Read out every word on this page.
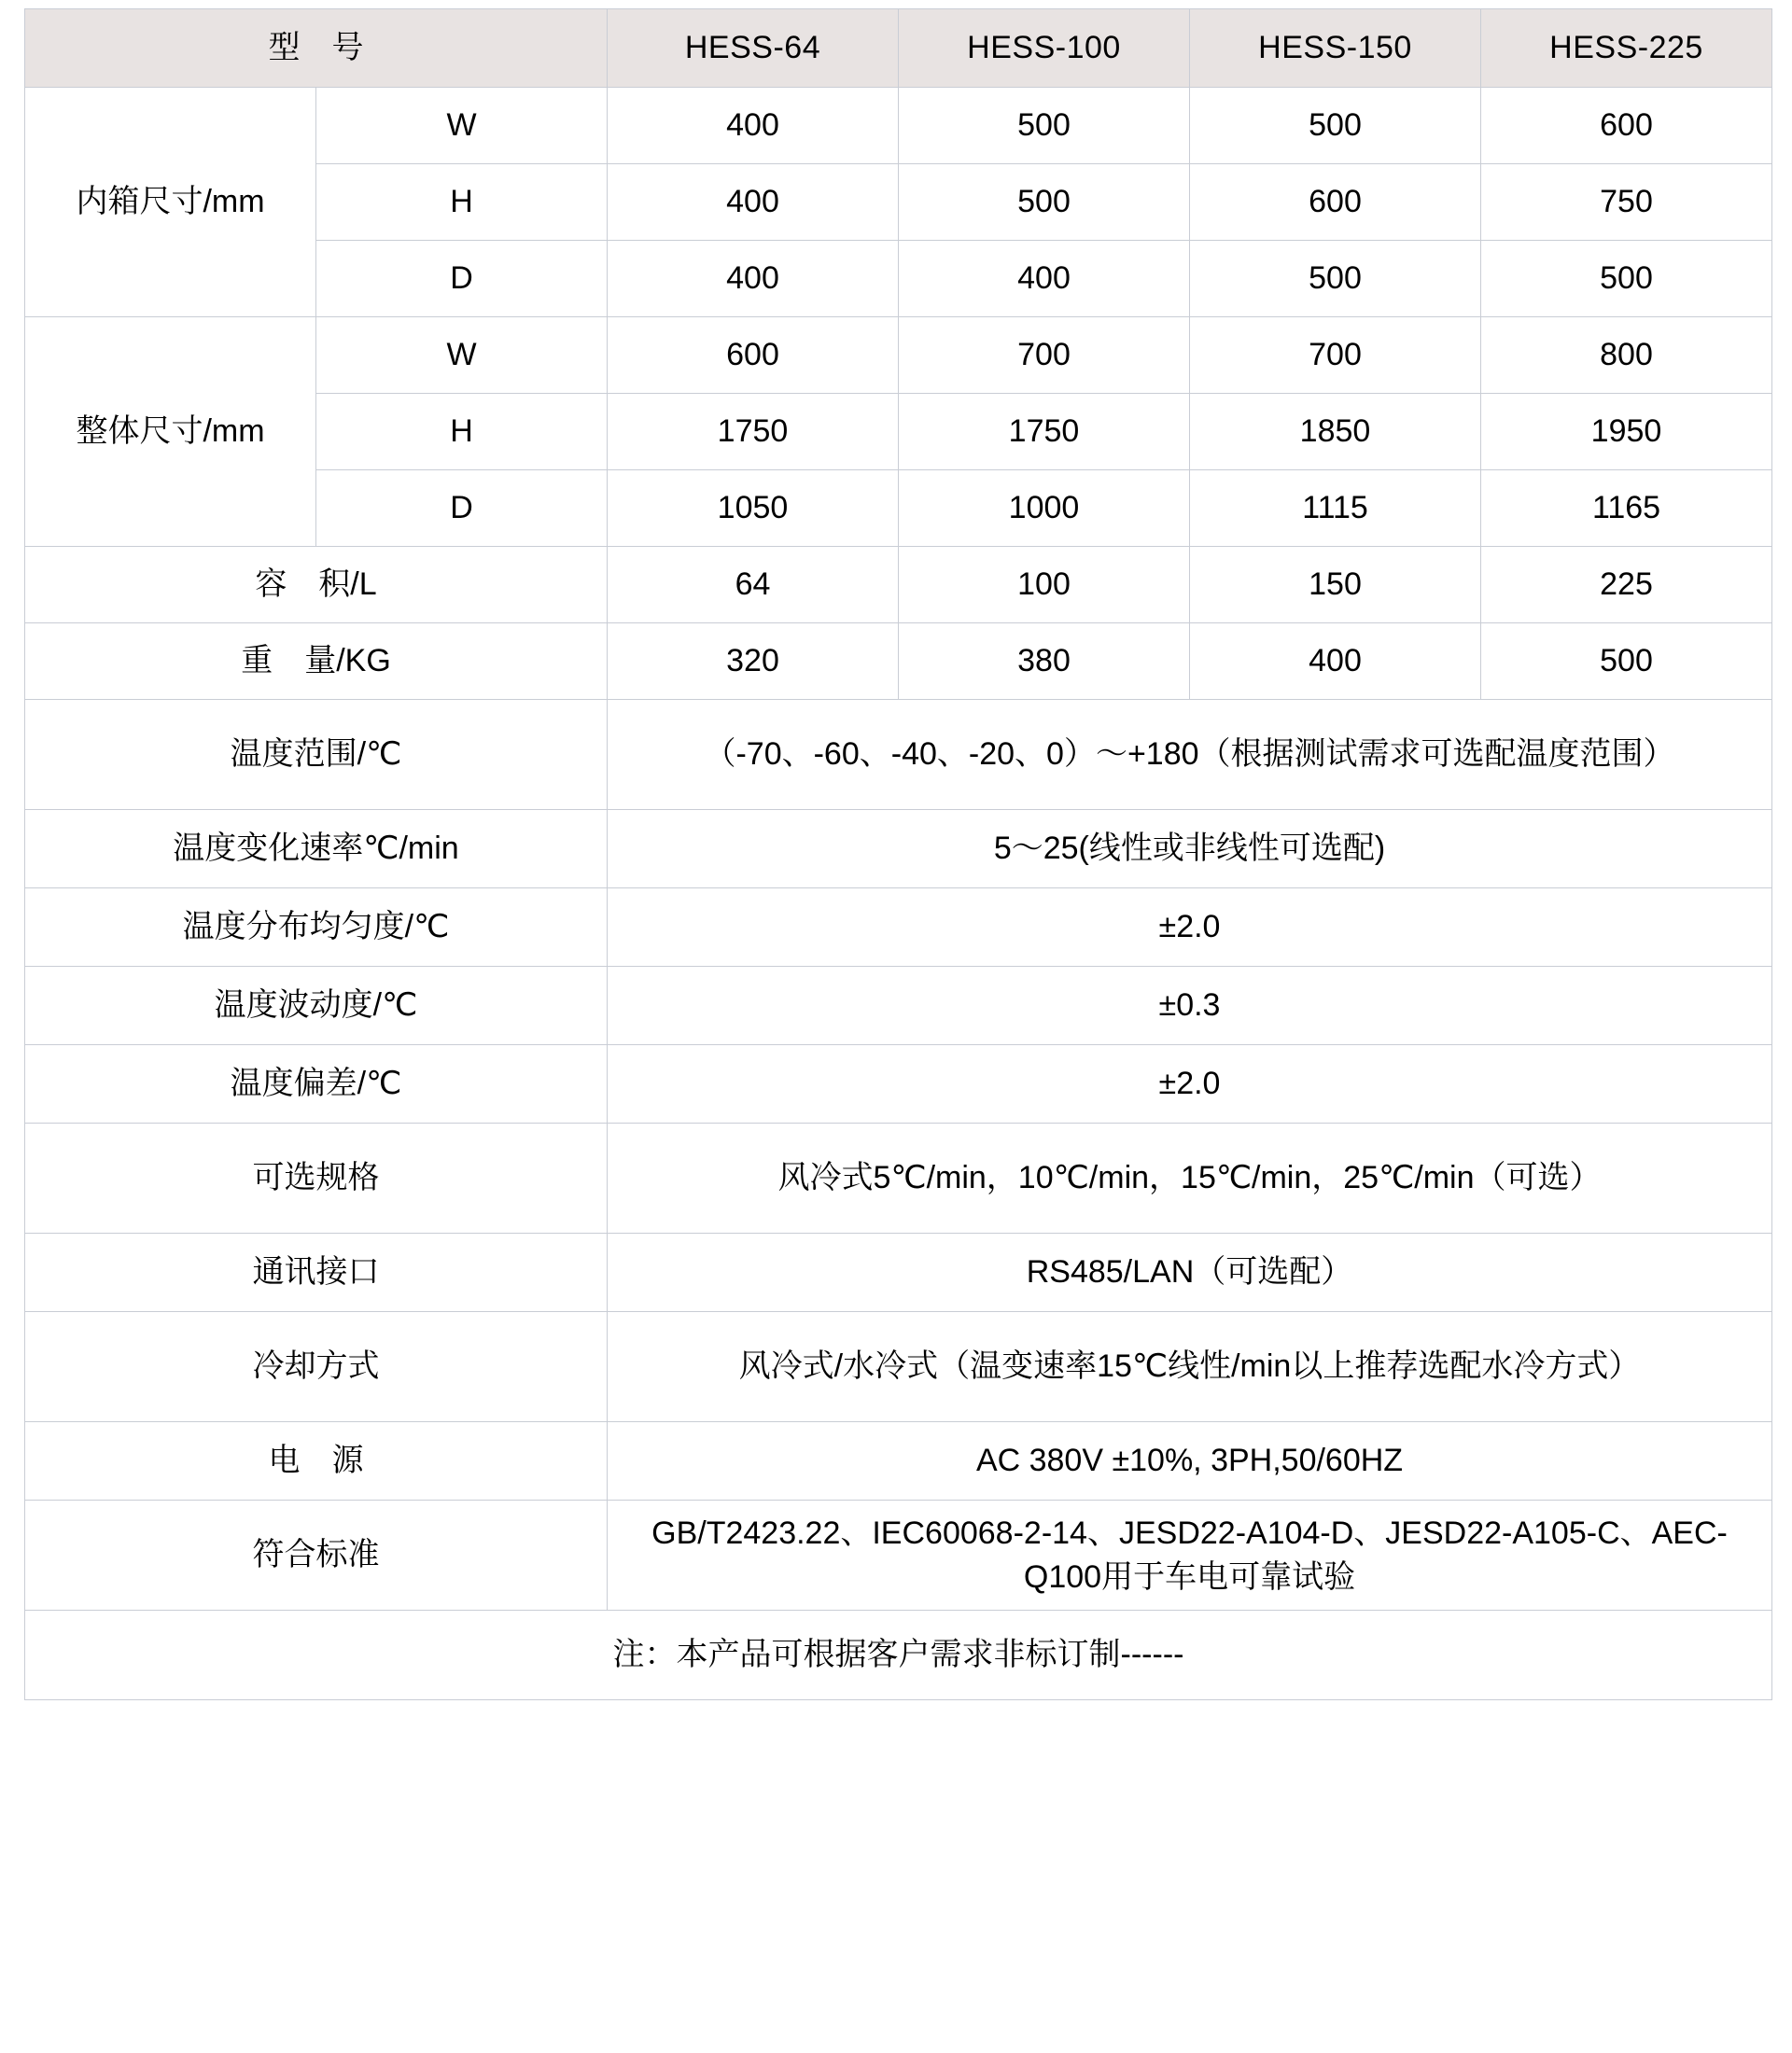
型　号		HESS-64	HESS-100	HESS-150	HESS-225
内箱尺寸/mm	W	400	500	500	600
	H	400	500	600	750
	D	400	400	500	500
整体尺寸/mm	W	600	700	700	800
	H	1750	1750	1850	1950
	D	1050	1000	1115	1165
容　积/L		64	100	150	225
重　量/KG		320	380	400	500
温度范围/℃		（-70、-60、-40、-20、0）〜+180（根据测试需求可选配温度范围）			
温度变化速率℃/min		5〜25(线性或非线性可选配)			
温度分布均匀度/℃		±2.0			
温度波动度/℃		±0.3			
温度偏差/℃		±2.0			
可选规格		风冷式5℃/min，10℃/min，15℃/min，25℃/min（可选）			
通讯接口		RS485/LAN（可选配）			
冷却方式		风冷式/水冷式（温变速率15℃线性/min以上推荐选配水冷方式）			
电　源		AC 380V ±10%, 3PH,50/60HZ			
符合标准		GB/T2423.22、IEC60068-2-14、JESD22-A104-D、JESD22-A105-C、AEC-Q100用于车电可靠试验			
注：本产品可根据客户需求非标订制------					
